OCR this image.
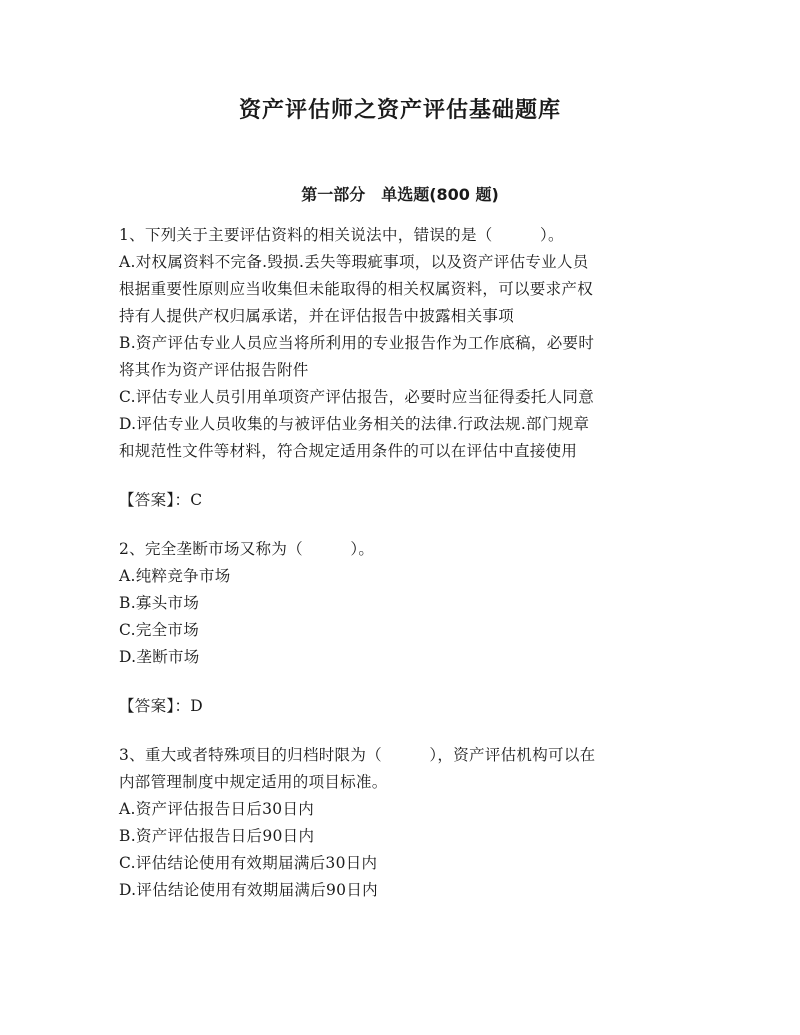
资产评估师之资产评估基础题库
第一部分　单选题(800 题)
1、下列关于主要评估资料的相关说法中，错误的是（　　　）。
A.对权属资料不完备.毁损.丢失等瑕疵事项，以及资产评估专业人员
根据重要性原则应当收集但未能取得的相关权属资料，可以要求产权
持有人提供产权归属承诺，并在评估报告中披露相关事项
B.资产评估专业人员应当将所利用的专业报告作为工作底稿，必要时
将其作为资产评估报告附件
C.评估专业人员引用单项资产评估报告，必要时应当征得委托人同意
D.评估专业人员收集的与被评估业务相关的法律.行政法规.部门规章
和规范性文件等材料，符合规定适用条件的可以在评估中直接使用
【答案】：C
2、完全垄断市场又称为（　　　）。
A.纯粹竞争市场
B.寡头市场
C.完全市场
D.垄断市场
【答案】：D
3、重大或者特殊项目的归档时限为（　　　），资产评估机构可以在
内部管理制度中规定适用的项目标准。
A.资产评估报告日后30日内
B.资产评估报告日后90日内
C.评估结论使用有效期届满后30日内
D.评估结论使用有效期届满后90日内
